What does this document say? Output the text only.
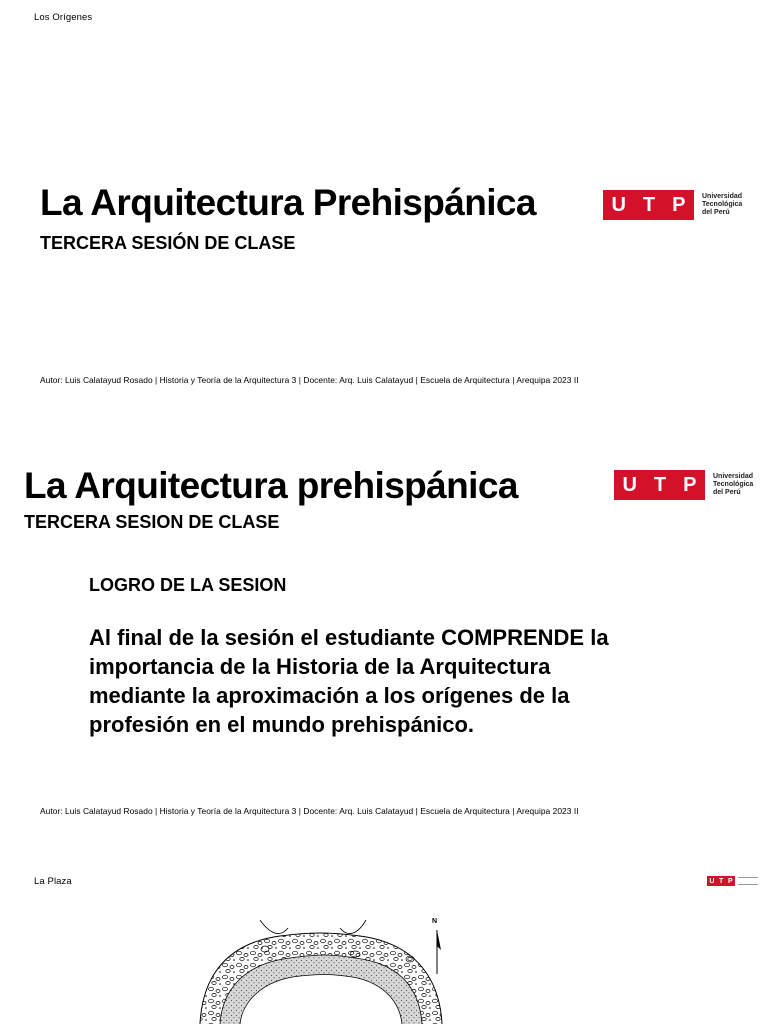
Los Orígenes
La Arquitectura Prehispánica
TERCERA SESIÓN DE CLASE
U T P Universidad
Tecnológica
del Perú
Autor: Luis Calatayud Rosado | Historia y Teoría de la Arquitectura 3 | Docente: Arq. Luis Calatayud | Escuela de Arquitectura | Arequipa 2023 II
La Arquitectura prehispánica
TERCERA SESION DE CLASE
U T P Universidad
Tecnológica
del Perú
LOGRO DE LA SESION
Al final de la sesión el estudiante COMPRENDE la
importancia de la Historia de la Arquitectura
mediante la aproximación a los orígenes de la
profesión en el mundo prehispánico.
Autor: Luis Calatayud Rosado | Historia y Teoría de la Arquitectura 3 | Docente: Arq. Luis Calatayud | Escuela de Arquitectura | Arequipa 2023 II
La Plaza	U T P
N
